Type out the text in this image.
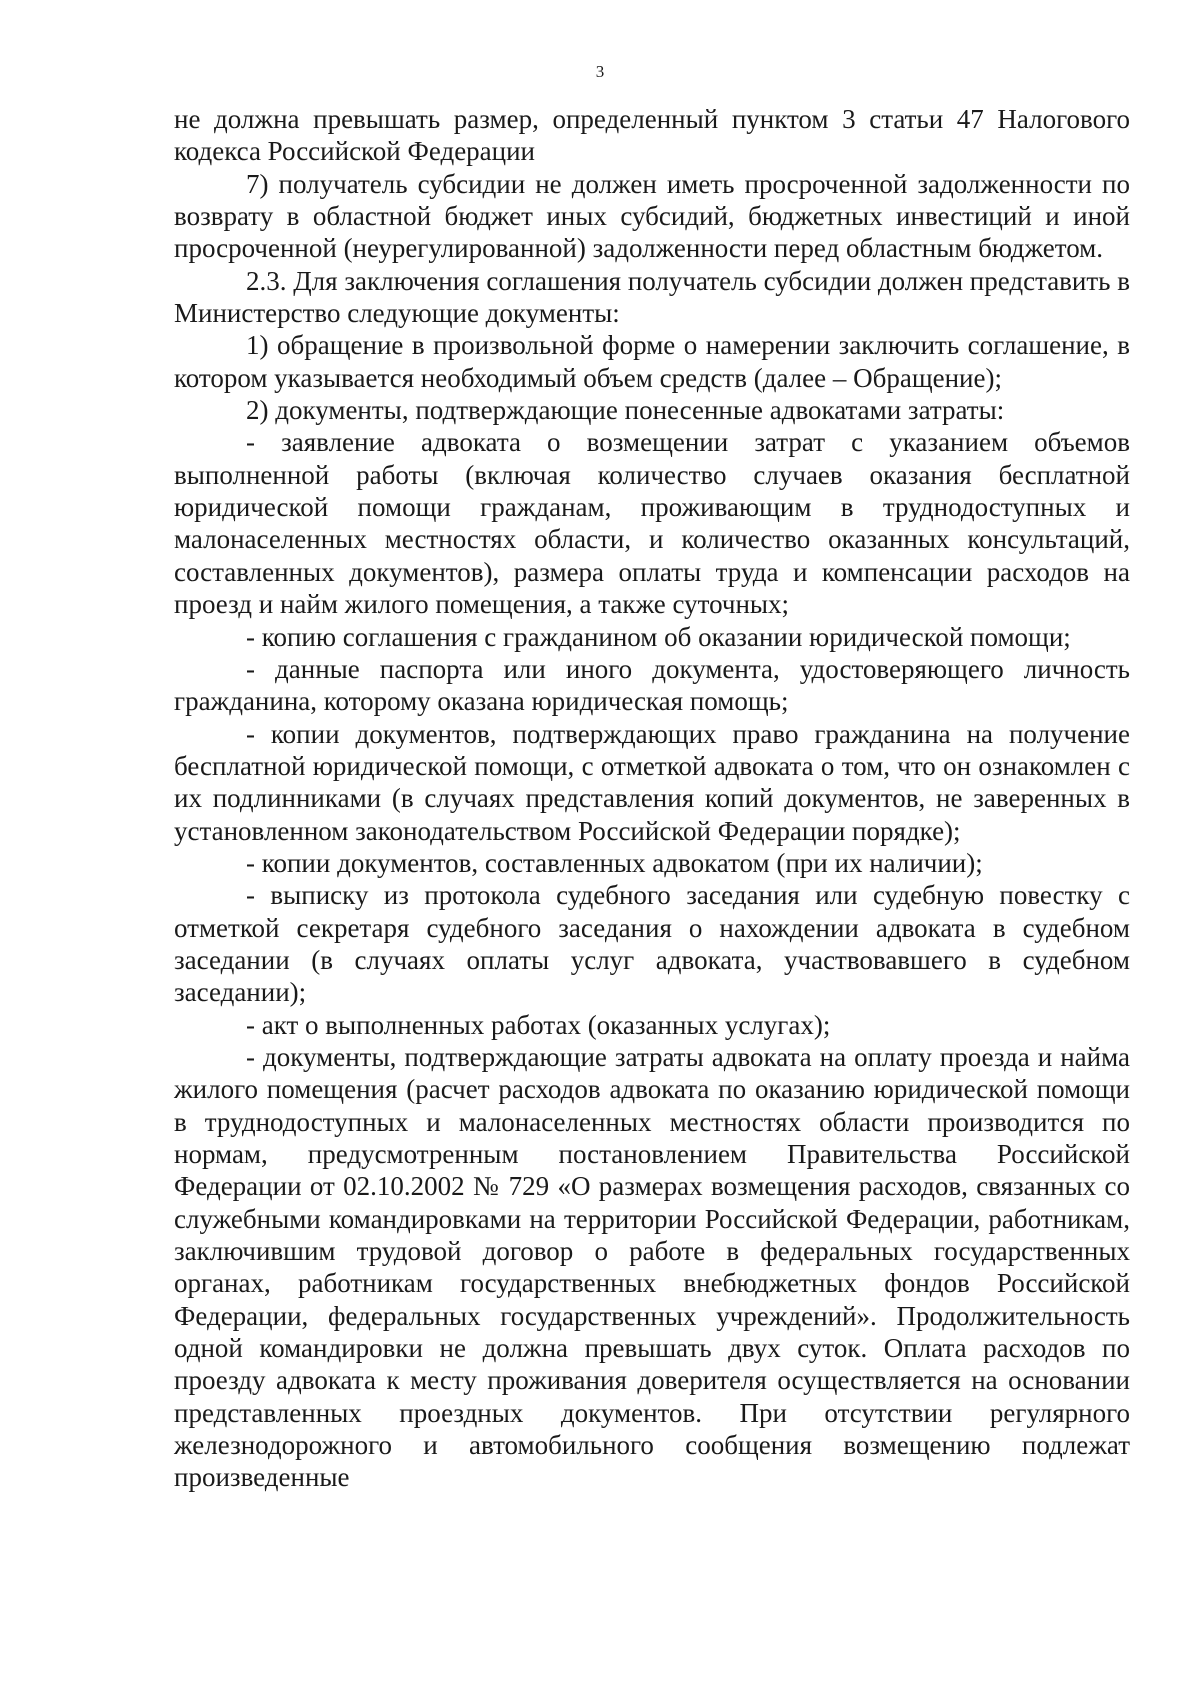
3

не должна превышать размер, определенный пунктом 3 статьи 47 Налогового кодекса Российской Федерации

7) получатель субсидии не должен иметь просроченной задолженности по возврату в областной бюджет иных субсидий, бюджетных инвестиций и иной просроченной (неурегулированной) задолженности перед областным бюджетом.

2.3. Для заключения соглашения получатель субсидии должен представить в Министерство следующие документы:

1) обращение в произвольной форме о намерении заключить соглашение, в котором указывается необходимый объем средств (далее – Обращение);

2) документы, подтверждающие понесенные адвокатами затраты:

- заявление адвоката о возмещении затрат с указанием объемов выполненной работы (включая количество случаев оказания бесплатной юридической помощи гражданам, проживающим в труднодоступных и малонаселенных местностях области, и количество оказанных консультаций, составленных документов), размера оплаты труда и компенсации расходов на проезд и найм жилого помещения, а также суточных;

- копию соглашения с гражданином об оказании юридической помощи;

- данные паспорта или иного документа, удостоверяющего личность гражданина, которому оказана юридическая помощь;

- копии документов, подтверждающих право гражданина на получение бесплатной юридической помощи, с отметкой адвоката о том, что он ознакомлен с их подлинниками (в случаях представления копий документов, не заверенных в установленном законодательством Российской Федерации порядке);

- копии документов, составленных адвокатом (при их наличии);

- выписку из протокола судебного заседания или судебную повестку с отметкой секретаря судебного заседания о нахождении адвоката в судебном заседании (в случаях оплаты услуг адвоката, участвовавшего в судебном заседании);

- акт о выполненных работах (оказанных услугах);

- документы, подтверждающие затраты адвоката на оплату проезда и найма жилого помещения (расчет расходов адвоката по оказанию юридической помощи в труднодоступных и малонаселенных местностях области производится по нормам, предусмотренным постановлением Правительства Российской Федерации от 02.10.2002 № 729 «О размерах возмещения расходов, связанных со служебными командировками на территории Российской Федерации, работникам, заключившим трудовой договор о работе в федеральных государственных органах, работникам государственных внебюджетных фондов Российской Федерации, федеральных государственных учреждений». Продолжительность одной командировки не должна превышать двух суток. Оплата расходов по проезду адвоката к месту проживания доверителя осуществляется на основании представленных проездных документов. При отсутствии регулярного железнодорожного и автомобильного сообщения возмещению подлежат произведенные
